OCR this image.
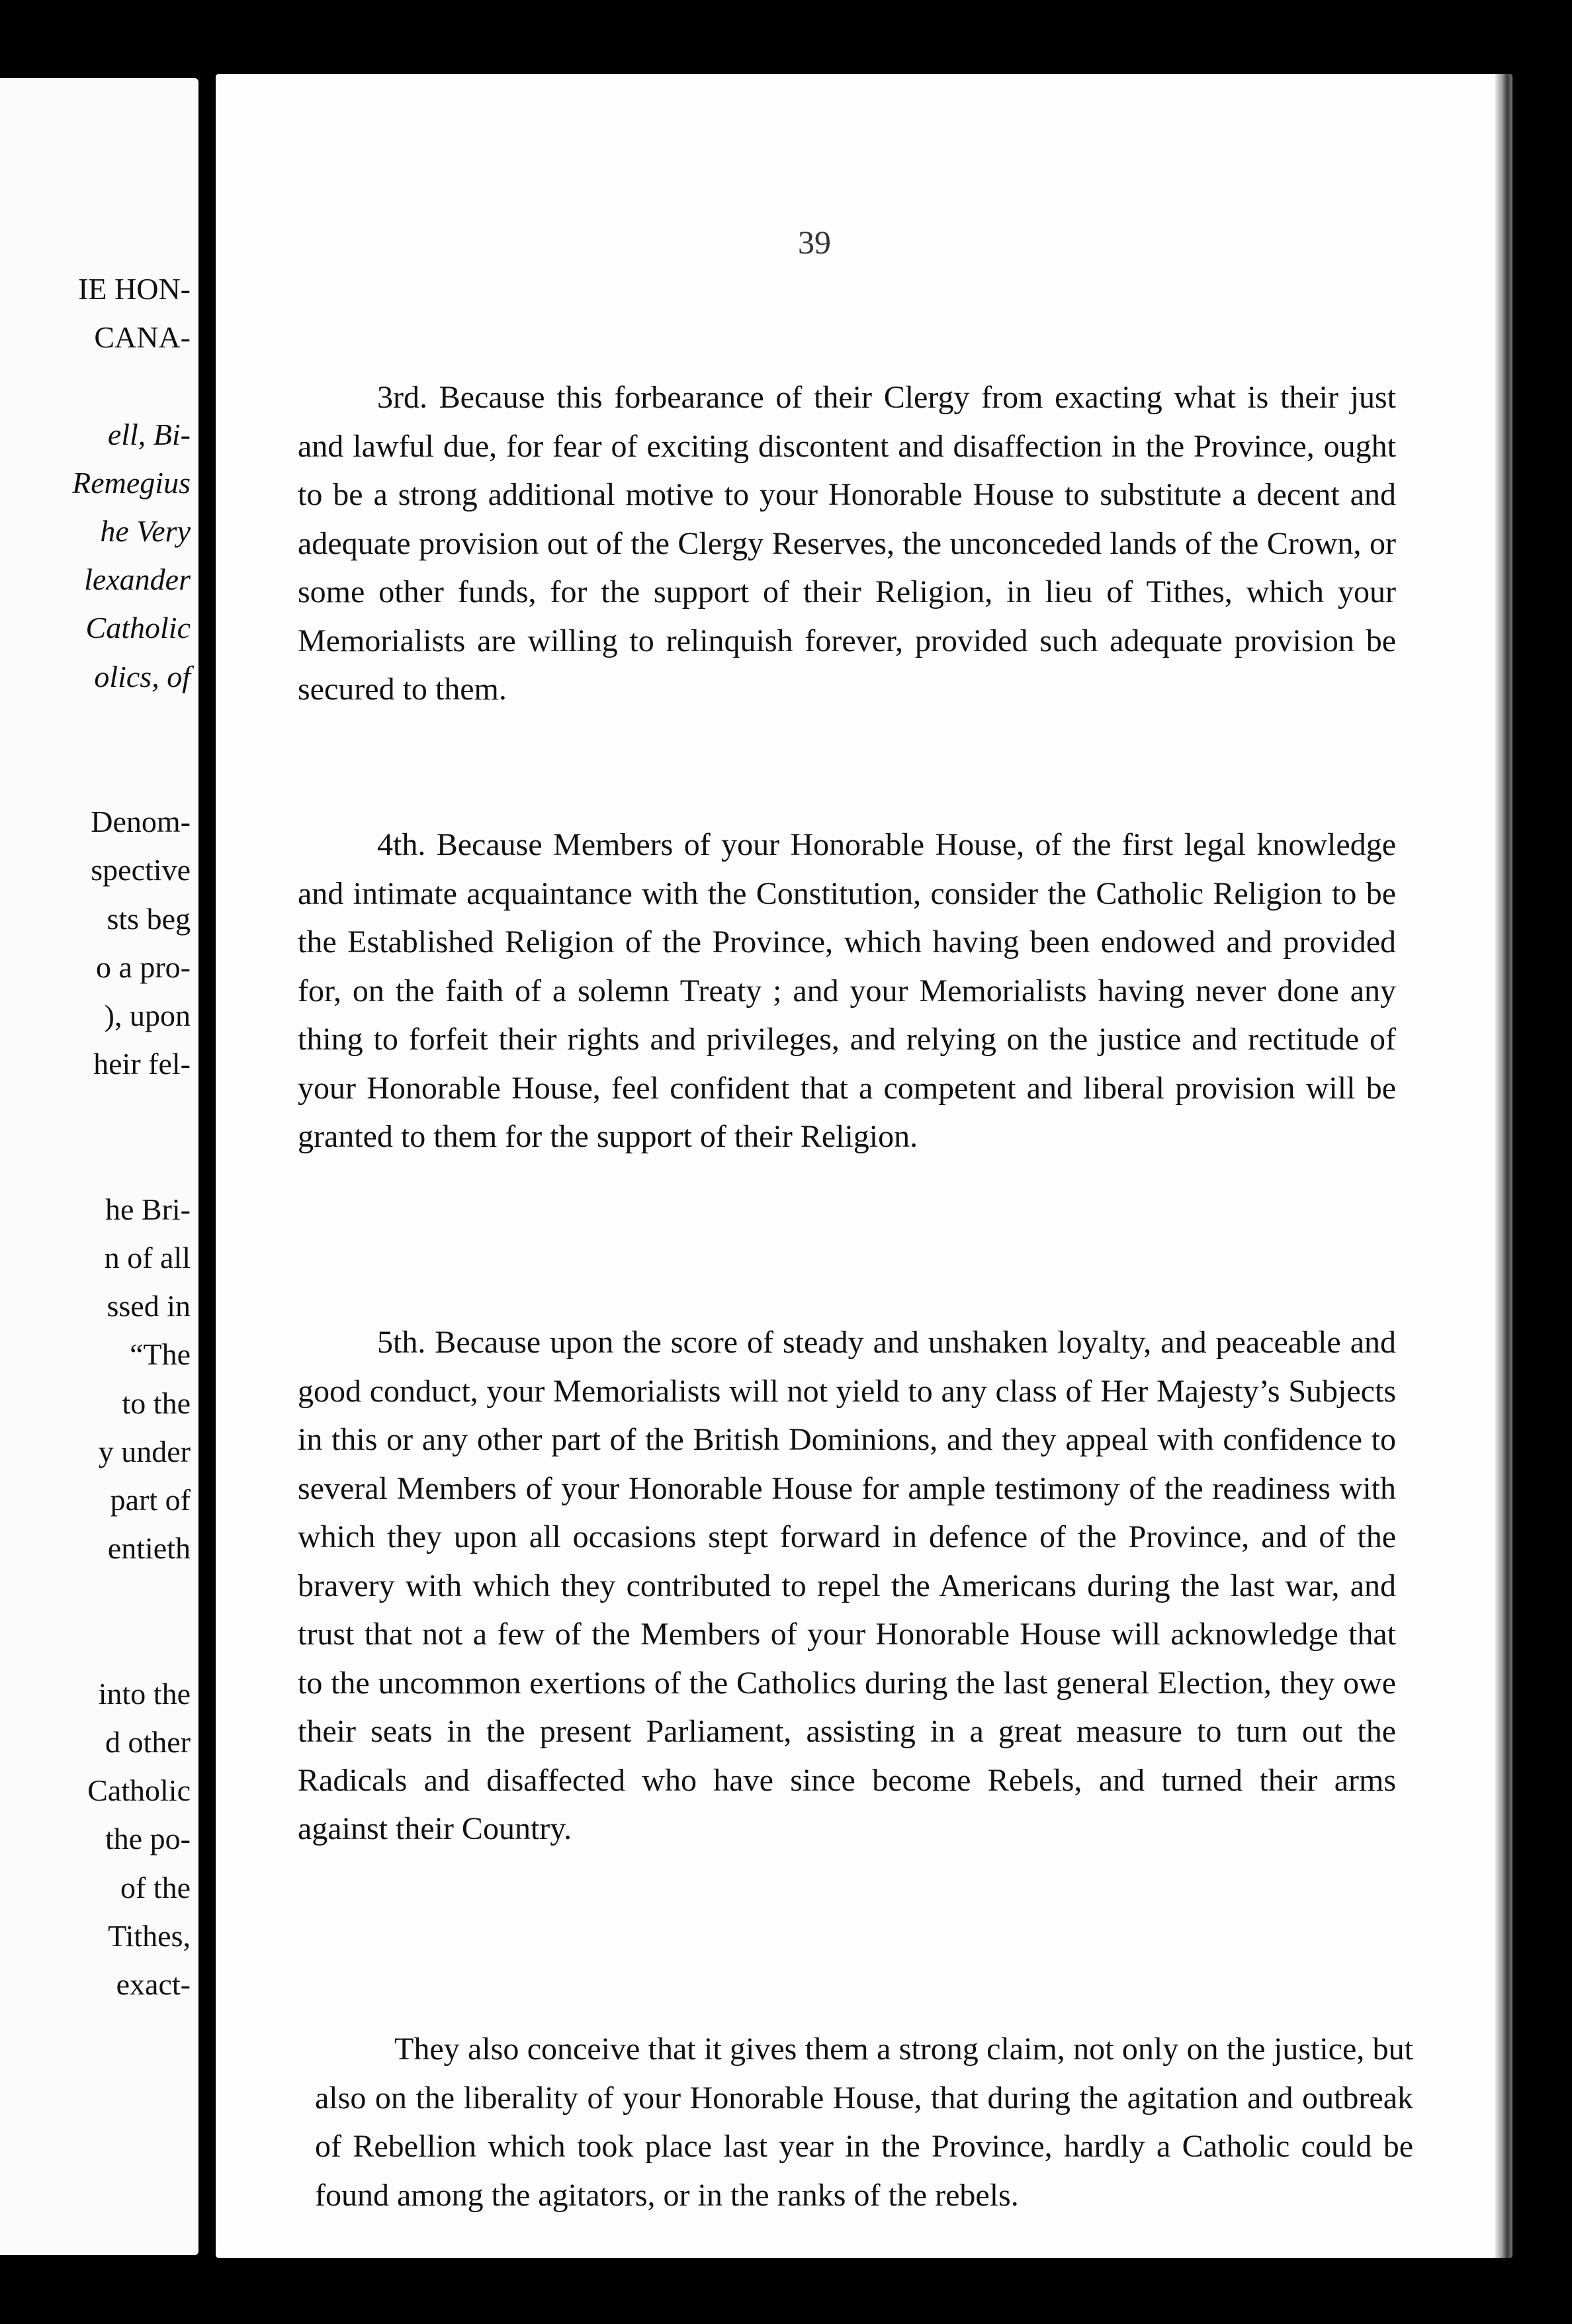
IE HON-
CANA-
ell, Bi-
Remegius
he Very
lexander
Catholic
olics, of
Denom-
spective
sts beg
o a pro-
), upon
heir fel-
he Bri-
n of all
ssed in
“The
to the
y under
part of
entieth
into the
d other
Catholic
the po-
of the
Tithes,
exact-
39

3rd. Because this forbearance of their Clergy from exacting what is their just and lawful due, for fear of exciting discontent and disaffection in the Province, ought to be a strong additional motive to your Honorable House to substitute a decent and adequate provision out of the Clergy Reserves, the unconceded lands of the Crown, or some other funds, for the support of their Religion, in lieu of Tithes, which your Memorialists are willing to relinquish forever, provided such adequate provision be secured to them.

4th. Because Members of your Honorable House, of the first legal knowledge and intimate acquaintance with the Constitution, consider the Catholic Religion to be the Established Religion of the Province, which having been endowed and provided for, on the faith of a solemn Treaty ; and your Memorialists having never done any thing to forfeit their rights and privileges, and relying on the justice and rectitude of your Honorable House, feel confident that a competent and liberal provision will be granted to them for the support of their Religion.

5th. Because upon the score of steady and unshaken loyalty, and peaceable and good conduct, your Memorialists will not yield to any class of Her Majesty’s Subjects in this or any other part of the British Dominions, and they appeal with confidence to several Members of your Honorable House for ample testimony of the readiness with which they upon all occasions stept forward in defence of the Province, and of the bravery with which they contributed to repel the Americans during the last war, and trust that not a few of the Members of your Honorable House will acknowledge that to the uncommon exertions of the Catholics during the last general Election, they owe their seats in the present Parliament, assisting in a great measure to turn out the Radicals and disaffected who have since become Rebels, and turned their arms against their Country.

They also conceive that it gives them a strong claim, not only on the justice, but also on the liberality of your Honorable House, that during the agitation and outbreak of Rebellion which took place last year in the Province, hardly a Catholic could be found among the agitators, or in the ranks of the rebels.
